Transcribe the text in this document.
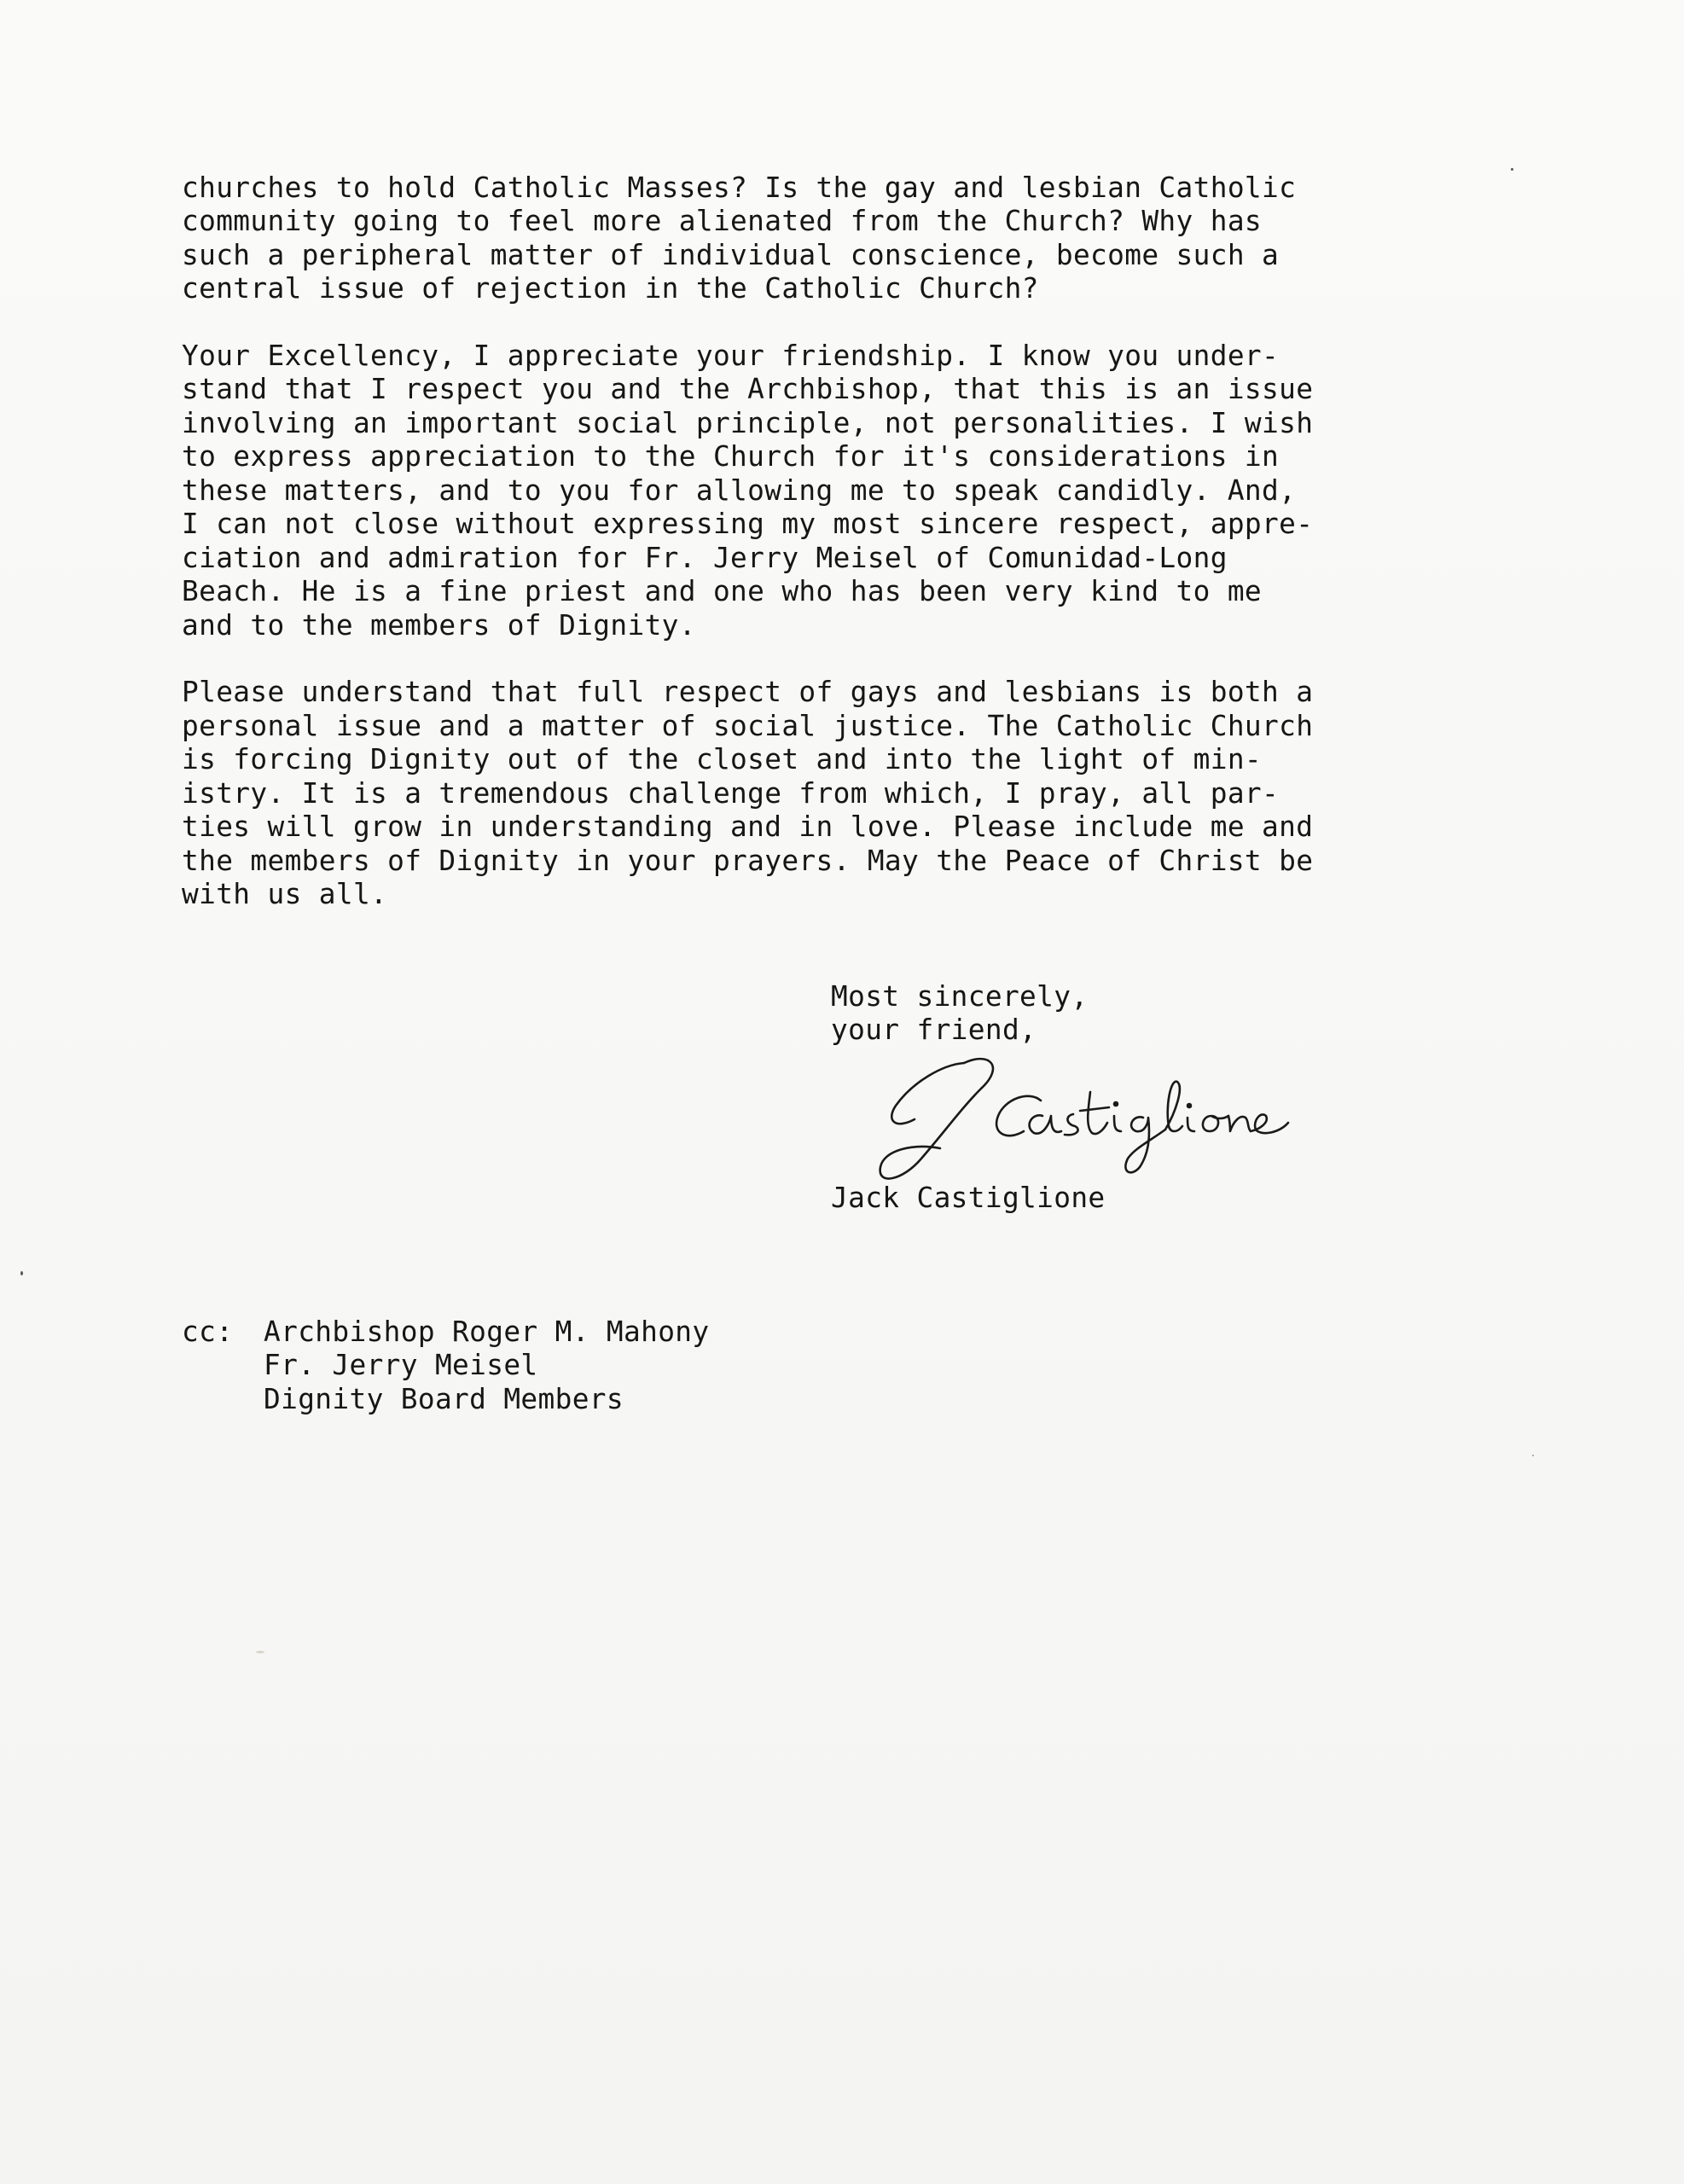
churches to hold Catholic Masses? Is the gay and lesbian Catholic

community going to feel more alienated from the Church? Why has

such a peripheral matter of individual conscience, become such a

central issue of rejection in the Catholic Church?

Your Excellency, I appreciate your friendship. I know you under-

stand that I respect you and the Archbishop, that this is an issue

involving an important social principle, not personalities. I wish

to express appreciation to the Church for it's considerations in

these matters, and to you for allowing me to speak candidly. And,

I can not close without expressing my most sincere respect, appre-

ciation and admiration for Fr. Jerry Meisel of Comunidad-Long

Beach. He is a fine priest and one who has been very kind to me

and to the members of Dignity.

Please understand that full respect of gays and lesbians is both a

personal issue and a matter of social justice. The Catholic Church

is forcing Dignity out of the closet and into the light of min-

istry. It is a tremendous challenge from which, I pray, all par-

ties will grow in understanding and in love. Please include me and

the members of Dignity in your prayers. May the Peace of Christ be

with us all.

Most sincerely,

your friend,

Jack Castiglione

cc: Archbishop Roger M. Mahony

Fr. Jerry Meisel

Dignity Board Members
